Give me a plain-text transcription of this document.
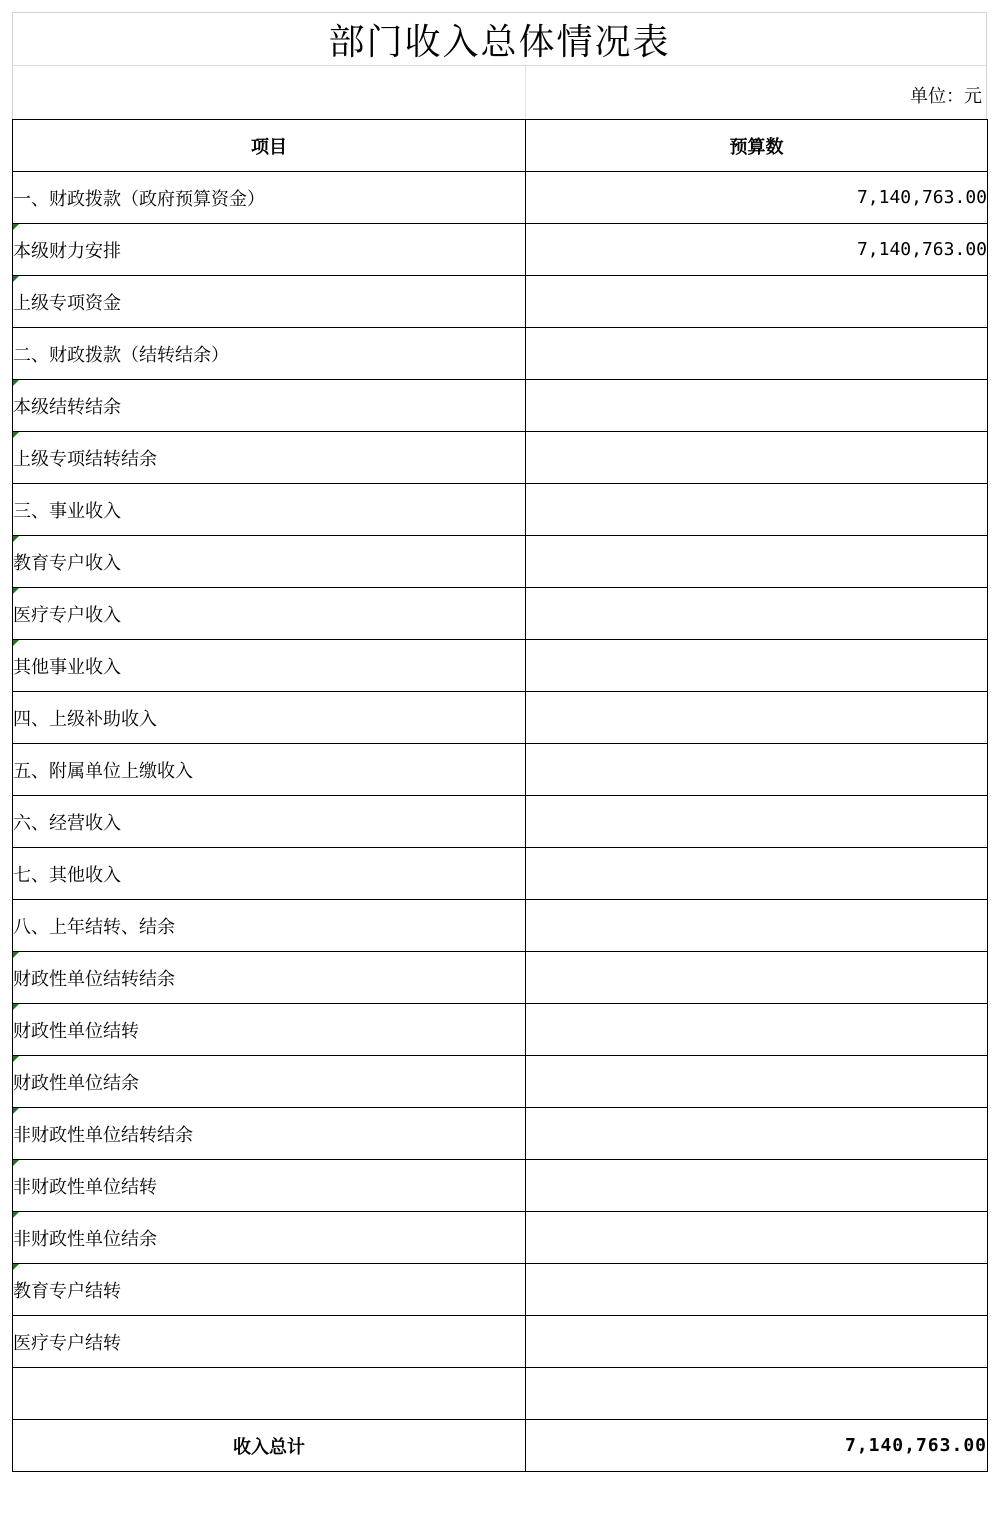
部门收入总体情况表
单位：元
项目	预算数
一、财政拨款（政府预算资金）	7,140,763.00

本级财力安排	7,140,763.00

上级专项资金	
二、财政拨款（结转结余）	

本级结转结余	

上级专项结转结余	
三、事业收入	

教育专户收入	

医疗专户收入	

其他事业收入	
四、上级补助收入	
五、附属单位上缴收入	
六、经营收入	
七、其他收入	
八、上年结转、结余	

财政性单位结转结余	

财政性单位结转	

财政性单位结余	

非财政性单位结转结余	

非财政性单位结转	

非财政性单位结余	

教育专户结转	
医疗专户结转	

收入总计	7,140,763.00
